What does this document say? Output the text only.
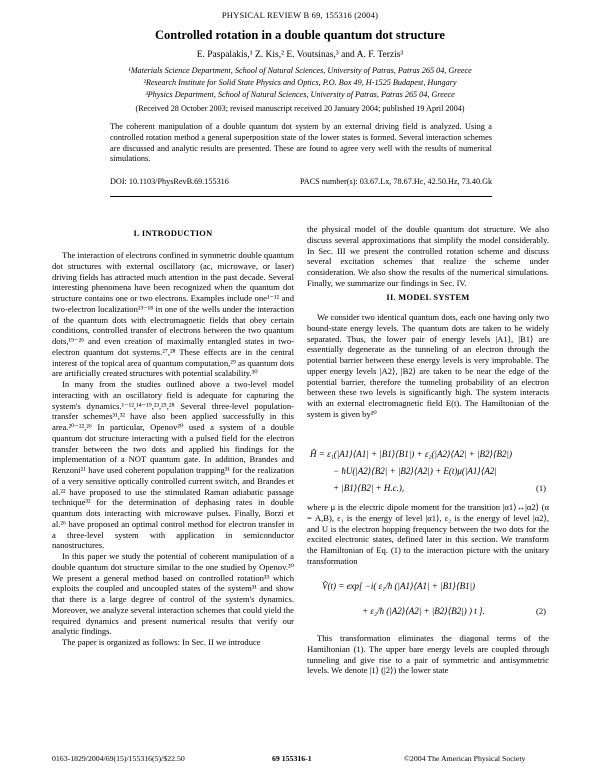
PHYSICAL REVIEW B 69, 155316 (2004)
Controlled rotation in a double quantum dot structure
E. Paspalakis,¹ Z. Kis,² E. Voutsinas,³ and A. F. Terzis³
¹Materials Science Department, School of Natural Sciences, University of Patras, Patras 265 04, Greece
²Research Institute for Solid State Physics and Optics, P.O. Box 49, H-1525 Budapest, Hungary
³Physics Department, School of Natural Sciences, University of Patras, Patras 265 04, Greece
(Received 28 October 2003; revised manuscript received 20 January 2004; published 19 April 2004)
The coherent manipulation of a double quantum dot system by an external driving field is analyzed. Using a controlled rotation method a general superposition state of the lower states is formed. Several interaction schemes are discussed and analytic results are presented. These are found to agree very well with the results of numerical simulations.
DOI: 10.1103/PhysRevB.69.155316	PACS number(s): 03.67.Lx, 78.67.Hc, 42.50.Hz, 73.40.Gk
I. INTRODUCTION

The interaction of electrons confined in symmetric double quantum dot structures with external oscillatory (ac, microwave, or laser) driving fields has attracted much attention in the past decade. Several interesting phenomena have been recognized when the quantum dot structure contains one or two electrons. Examples include one¹⁻¹² and two-electron localization¹³⁻¹⁸ in one of the wells under the interaction of the quantum dots with electromagnetic fields that obey certain conditions, controlled transfer of electrons between the two quantum dots,¹⁹⁻²⁶ and even creation of maximally entangled states in two-electron quantum dot systems.²⁷,²⁸ These effects are in the central interest of the topical area of quantum computation,²⁹ as quantum dots are artificially created structures with potential scalability.³⁰

In many from the studies outlined above a two-level model interacting with an oscillatory field is adequate for capturing the system's dynamics.¹⁻¹²,¹⁴⁻¹⁹,²³,²⁵,²⁸ Several three-level population-transfer schemes³¹,³² have also been applied successfully in this area.²⁰⁻²²,²⁶ In particular, Openov²⁰ used a system of a double quantum dot structure interacting with a pulsed field for the electron transfer between the two dots and applied his findings for the implementation of a NOT quantum gate. In addition, Brandes and Renzoni²¹ have used coherent population trapping³¹ for the realization of a very sensitive optically controlled current switch, and Brandes et al.²² have proposed to use the stimulated Raman adiabatic passage technique³² for the determination of dephasing rates in double quantum dots interacting with microwave pulses. Finally, Borzi et al.²⁶ have proposed an optimal control method for electron transfer in a three-level system with application in semiconductor nanostructures.

In this paper we study the potential of coherent manipulation of a double quantum dot structure similar to the one studied by Openov.²⁰ We present a general method based on controlled rotation³³ which exploits the coupled and uncoupled states of the system³¹ and show that there is a large degree of control of the system's dynamics. Moreover, we analyze several interaction schemes that could yield the required dynamics and present numerical results that verify our analytic findings.

The paper is organized as follows: In Sec. II we introduce

the physical model of the double quantum dot structure. We also discuss several approximations that simplify the model considerably. In Sec. III we present the controlled rotation scheme and discuss several excitation schemes that realize the scheme under consideration. We also show the results of the numerical simulations. Finally, we summarize our findings in Sec. IV.

II. MODEL SYSTEM

We consider two identical quantum dots, each one having only two bound-state energy levels. The quantum dots are taken to be widely separated. Thus, the lower pair of energy levels |A1⟩, |B1⟩ are essentially degenerate as the tunneling of an electron through the potential barrier between these energy levels is very improbable. The upper energy levels |A2⟩, |B2⟩ are taken to be near the edge of the potential barrier, therefore the tunneling probability of an electron between these two levels is significantly high. The system interacts with an external electromagnetic field E(t). The Hamiltonian of the system is given by²⁰

Ĥ = ε₁(|A1⟩⟨A1| + |B1⟩⟨B1|) + ε₂(|A2⟩⟨A2| + |B2⟩⟨B2|)
− ħU(|A2⟩⟨B2| + |B2⟩⟨A2|) + E(t)μ(|A1⟩⟨A2|
+ |B1⟩⟨B2| + H.c.),	(1)

where μ is the electric dipole moment for the transition |α1⟩↔|α2⟩ (α = A,B), ε₁ is the energy of level |α1⟩, ε₂ is the energy of level |α2⟩, and U is the electron hopping frequency between the two dots for the excited electronic states, defined later in this section. We transform the Hamiltonian of Eq. (1) to the interaction picture with the unitary transformation

V̂(t) = exp[ −i( ε₁/ħ (|A1⟩⟨A1| + |B1⟩⟨B1|)
+ ε₂/ħ (|A2⟩⟨A2| + |B2⟩⟨B2|) ) t ].	(2)

This transformation eliminates the diagonal terms of the Hamiltonian (1). The upper bare energy levels are coupled through tunneling and give rise to a pair of symmetric and antisymmetric levels. We denote |1⟩ (|2⟩) the lower state

0163-1829/2004/69(15)/155316(5)/$22.50	69 155316-1	©2004 The American Physical Society
